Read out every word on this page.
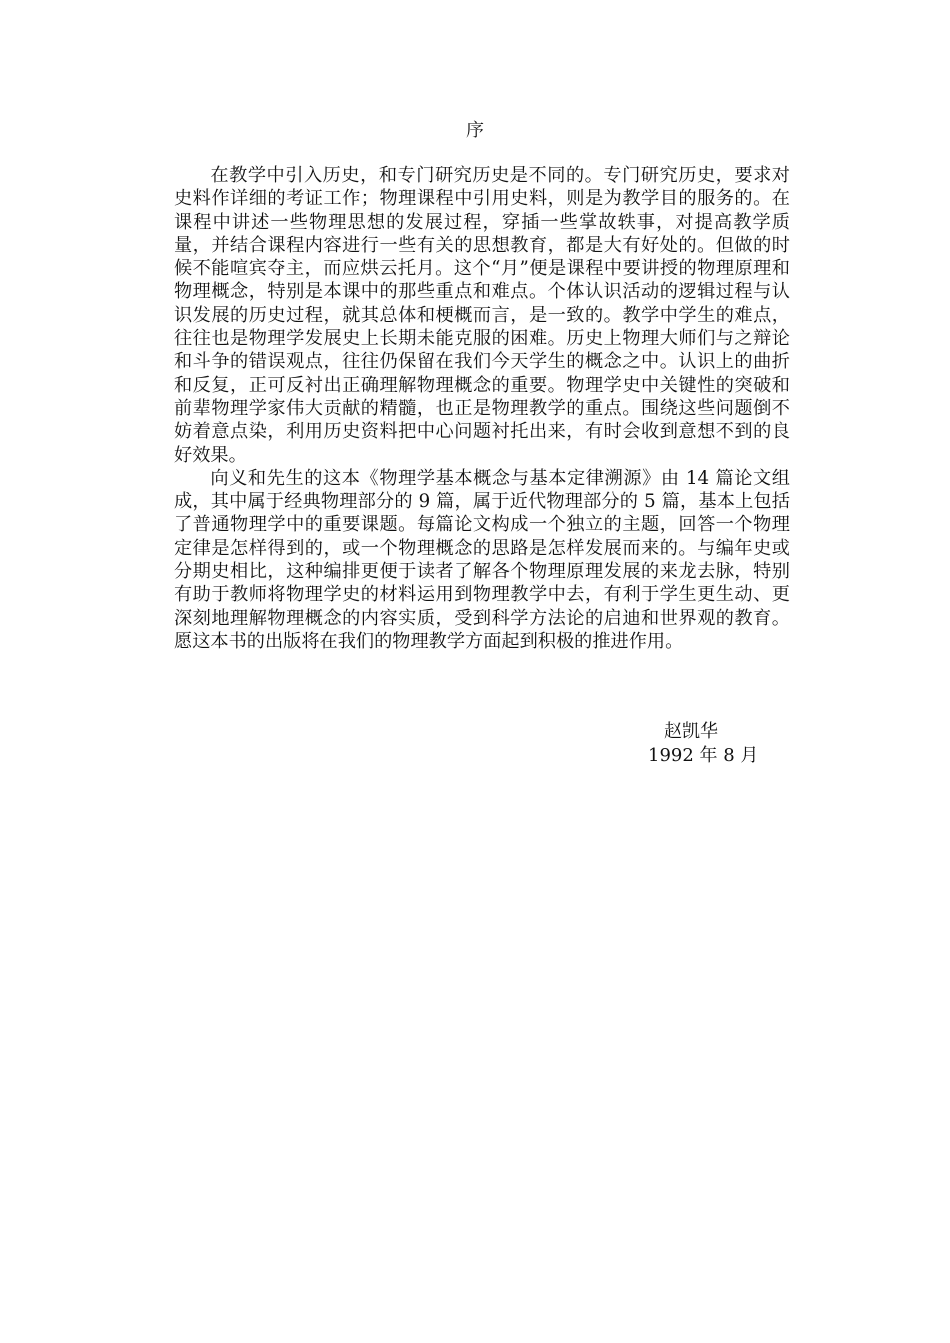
序

在教学中引入历史，和专门研究历史是不同的。专门研究历史，要求对史料作详细的考证工作；物理课程中引用史料，则是为教学目的服务的。在课程中讲述一些物理思想的发展过程，穿插一些掌故轶事，对提高教学质量，并结合课程内容进行一些有关的思想教育，都是大有好处的。但做的时候不能喧宾夺主，而应烘云托月。这个“月”便是课程中要讲授的物理原理和物理概念，特别是本课中的那些重点和难点。个体认识活动的逻辑过程与认识发展的历史过程，就其总体和梗概而言，是一致的。教学中学生的难点，往往也是物理学发展史上长期未能克服的困难。历史上物理大师们与之辩论和斗争的错误观点，往往仍保留在我们今天学生的概念之中。认识上的曲折和反复，正可反衬出正确理解物理概念的重要。物理学史中关键性的突破和前辈物理学家伟大贡献的精髓，也正是物理教学的重点。围绕这些问题倒不妨着意点染，利用历史资料把中心问题衬托出来，有时会收到意想不到的良好效果。

向义和先生的这本《物理学基本概念与基本定律溯源》由 14 篇论文组成，其中属于经典物理部分的 9 篇，属于近代物理部分的 5 篇，基本上包括了普通物理学中的重要课题。每篇论文构成一个独立的主题，回答一个物理定律是怎样得到的，或一个物理概念的思路是怎样发展而来的。与编年史或分期史相比，这种编排更便于读者了解各个物理原理发展的来龙去脉，特别有助于教师将物理学史的材料运用到物理教学中去，有利于学生更生动、更深刻地理解物理概念的内容实质，受到科学方法论的启迪和世界观的教育。愿这本书的出版将在我们的物理教学方面起到积极的推进作用。

赵凯华
1992 年 8 月
